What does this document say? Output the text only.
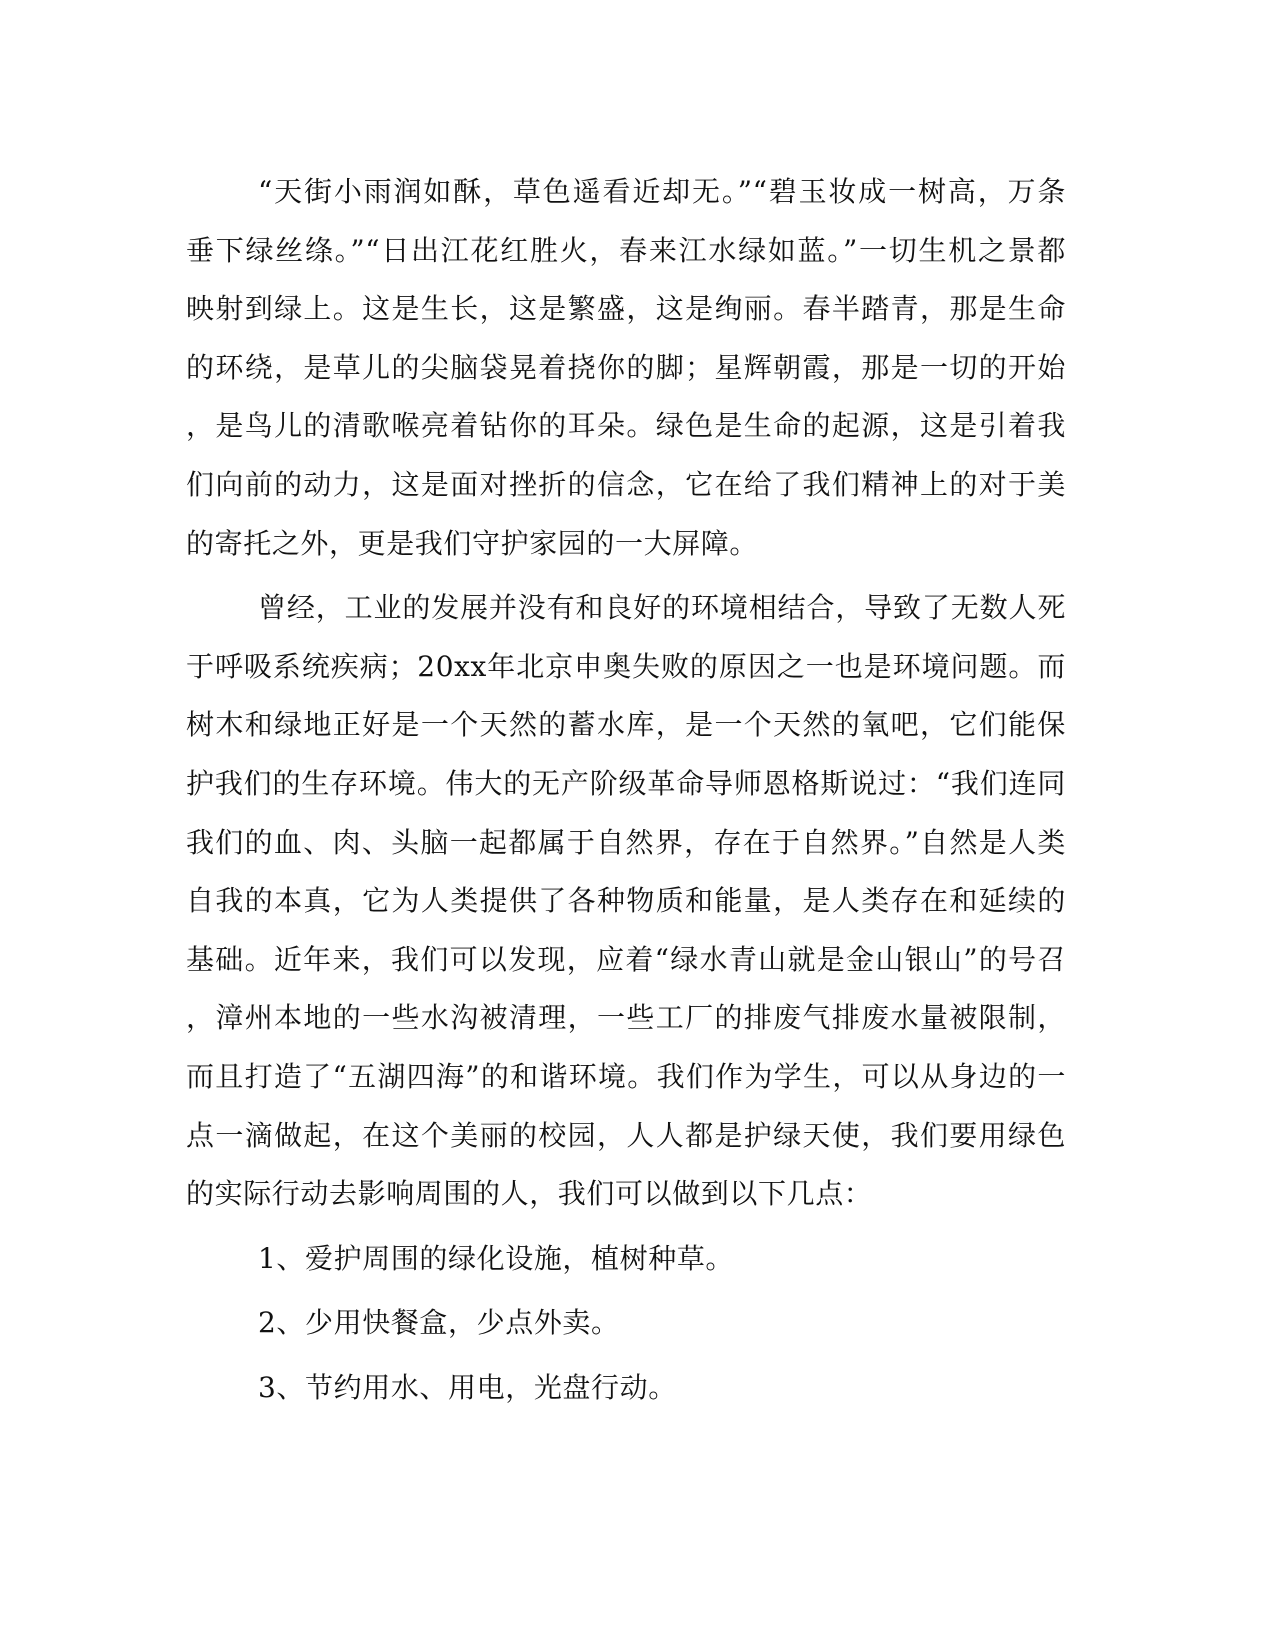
“天街小雨润如酥，草色遥看近却无。”“碧玉妆成一树高，万条
垂下绿丝绦。”“日出江花红胜火，春来江水绿如蓝。”一切生机之景都
映射到绿上。这是生长，这是繁盛，这是绚丽。春半踏青，那是生命
的环绕，是草儿的尖脑袋晃着挠你的脚；星辉朝霞，那是一切的开始
，是鸟儿的清歌喉亮着钻你的耳朵。绿色是生命的起源，这是引着我
们向前的动力，这是面对挫折的信念，它在给了我们精神上的对于美
的寄托之外，更是我们守护家园的一大屏障。
曾经，工业的发展并没有和良好的环境相结合，导致了无数人死
于呼吸系统疾病；20xx年北京申奥失败的原因之一也是环境问题。而
树木和绿地正好是一个天然的蓄水库，是一个天然的氧吧，它们能保
护我们的生存环境。伟大的无产阶级革命导师恩格斯说过：“我们连同
我们的血、肉、头脑一起都属于自然界，存在于自然界。”自然是人类
自我的本真，它为人类提供了各种物质和能量，是人类存在和延续的
基础。近年来，我们可以发现，应着“绿水青山就是金山银山”的号召
，漳州本地的一些水沟被清理，一些工厂的排废气排废水量被限制，
而且打造了“五湖四海”的和谐环境。我们作为学生，可以从身边的一
点一滴做起，在这个美丽的校园，人人都是护绿天使，我们要用绿色
的实际行动去影响周围的人，我们可以做到以下几点：
1、爱护周围的绿化设施，植树种草。
2、少用快餐盒，少点外卖。
3、节约用水、用电，光盘行动。
